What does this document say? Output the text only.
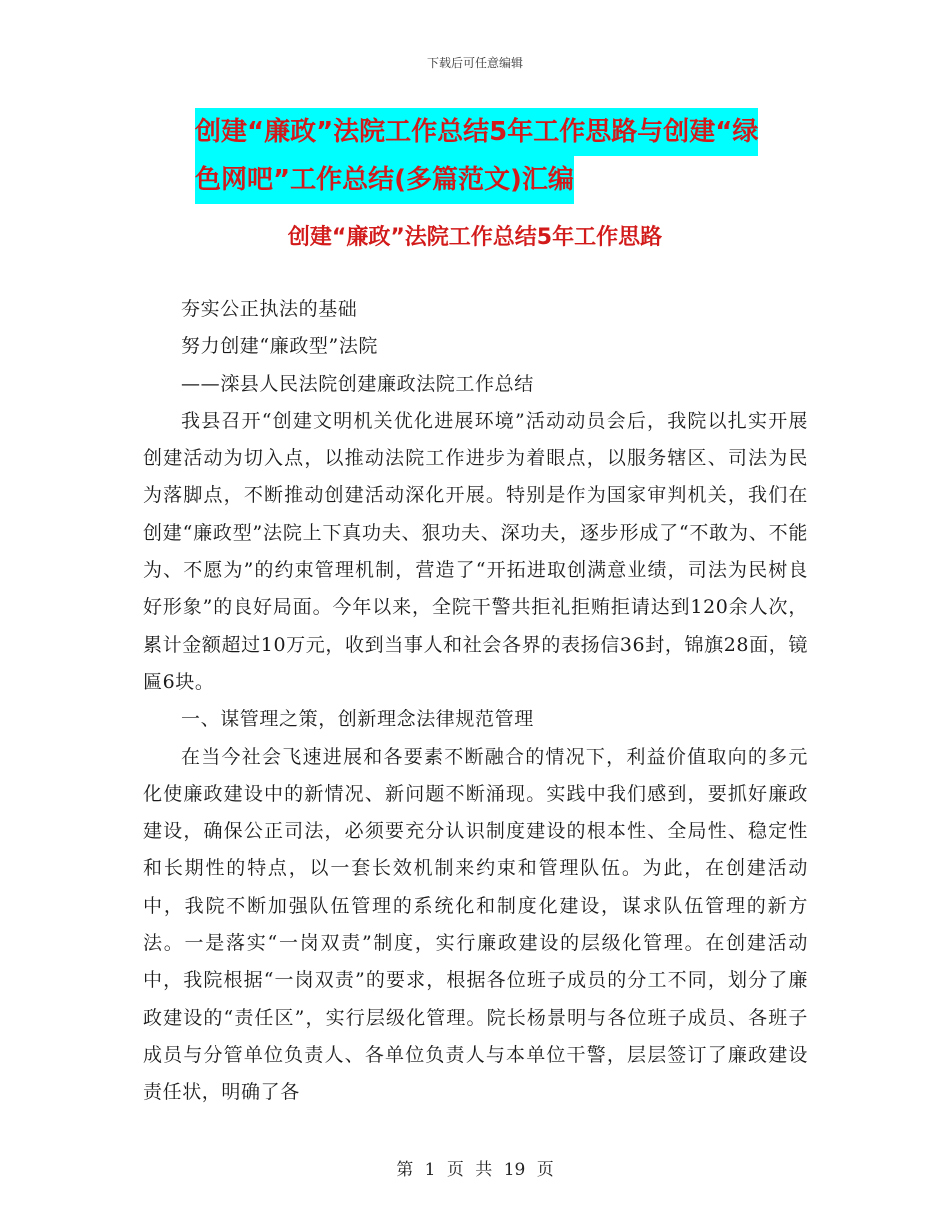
下载后可任意编辑
创建“廉政”法院工作总结5年工作思路与创建“绿
色网吧”工作总结(多篇范文)汇编
创建“廉政”法院工作总结5年工作思路

夯实公正执法的基础

努力创建“廉政型”法院

——滦县人民法院创建廉政法院工作总结

我县召开“创建文明机关优化进展环境”活动动员会后，我院以扎实开展创建活动为切入点，以推动法院工作进步为着眼点，以服务辖区、司法为民为落脚点，不断推动创建活动深化开展。特别是作为国家审判机关，我们在创建“廉政型”法院上下真功夫、狠功夫、深功夫，逐步形成了“不敢为、不能为、不愿为”的约束管理机制，营造了“开拓进取创满意业绩，司法为民树良好形象”的良好局面。今年以来，全院干警共拒礼拒贿拒请达到120余人次，累计金额超过10万元，收到当事人和社会各界的表扬信36封，锦旗28面，镜匾6块。

一、谋管理之策，创新理念法律规范管理

在当今社会飞速进展和各要素不断融合的情况下，利益价值取向的多元化使廉政建设中的新情况、新问题不断涌现。实践中我们感到，要抓好廉政建设，确保公正司法，必须要充分认识制度建设的根本性、全局性、稳定性和长期性的特点，以一套长效机制来约束和管理队伍。为此，在创建活动中，我院不断加强队伍管理的系统化和制度化建设，谋求队伍管理的新方法。一是落实“一岗双责”制度，实行廉政建设的层级化管理。在创建活动中，我院根据“一岗双责”的要求，根据各位班子成员的分工不同，划分了廉政建设的“责任区”，实行层级化管理。院长杨景明与各位班子成员、各班子成员与分管单位负责人、各单位负责人与本单位干警，层层签订了廉政建设责任状，明确了各

第 1 页 共 19 页
